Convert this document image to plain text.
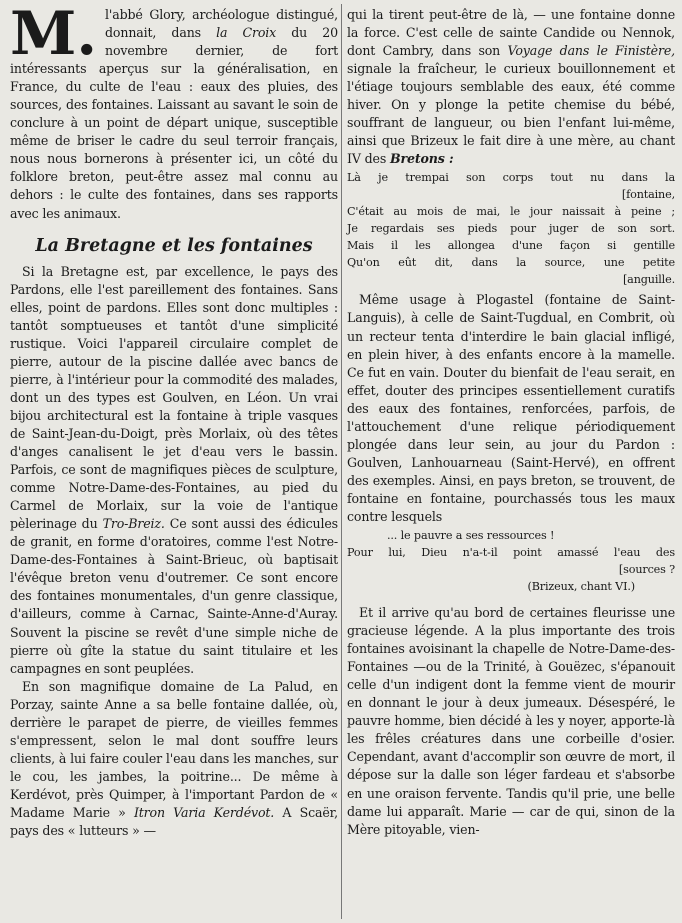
M. l'abbé Glory, archéologue distingué, donnait, dans la Croix du 20 novembre dernier, de fort intéressants aperçus sur la généralisation, en France, du culte de l'eau : eaux des pluies, des sources, des fontaines. Laissant au savant le soin de conclure à un point de départ unique, susceptible même de briser le cadre du seul terroir français, nous nous bornerons à présenter ici, un côté du folklore breton, peut-être assez mal connu au dehors : le culte des fontaines, dans ses rapports avec les animaux.

La Bretagne et les fontaines

Si la Bretagne est, par excellence, le pays des Pardons, elle l'est pareillement des fontaines. Sans elles, point de pardons. Elles sont donc multiples : tantôt somptueuses et tantôt d'une simplicité rustique. Voici l'appareil circulaire complet de pierre, autour de la piscine dallée avec bancs de pierre, à l'intérieur pour la commodité des malades, dont un des types est Goulven, en Léon. Un vrai bijou architectural est la fontaine à triple vasques de Saint-Jean-du-Doigt, près Morlaix, où des têtes d'anges canalisent le jet d'eau vers le bassin. Parfois, ce sont de magnifiques pièces de sculpture, comme Notre-Dame-des-Fontaines, au pied du Carmel de Morlaix, sur la voie de l'antique pèlerinage du Tro-Breiz. Ce sont aussi des édicules de granit, en forme d'oratoires, comme l'est Notre-Dame-des-Fontaines à Saint-Brieuc, où baptisait l'évêque breton venu d'outremer. Ce sont encore des fontaines monumentales, d'un genre classique, d'ailleurs, comme à Carnac, Sainte-Anne-d'Auray. Souvent la piscine se revêt d'une simple niche de pierre où gîte la statue du saint titulaire et les campagnes en sont peuplées.

En son magnifique domaine de La Palud, en Porzay, sainte Anne a sa belle fontaine dallée, où, derrière le parapet de pierre, de vieilles femmes s'empressent, selon le mal dont souffre leurs clients, à lui faire couler l'eau dans les manches, sur le cou, les jambes, la poitrine... De même à Kerdévot, près Quimper, à l'important Pardon de « Madame Marie » Itron Varia Kerdévot. A Scaër, pays des « lutteurs » —

qui la tirent peut-être de là, — une fontaine donne la force. C'est celle de sainte Candide ou Nennok, dont Cambry, dans son Voyage dans le Finistère, signale la fraîcheur, le curieux bouillonnement et l'étiage toujours semblable des eaux, été comme hiver. On y plonge la petite chemise du bébé, souffrant de langueur, ou bien l'enfant lui-même, ainsi que Brizeux le fait dire à une mère, au chant IV des Bretons :

Là je trempai son corps tout nu dans la
[fontaine,
C'était au mois de mai, le jour naissait à peine ;
Je regardais ses pieds pour juger de son sort.
Mais il les allongea d'une façon si gentille
Qu'on eût dit, dans la source, une petite
[anguille.

Même usage à Plogastel (fontaine de Saint-Languis), à celle de Saint-Tugdual, en Combrit, où un recteur tenta d'interdire le bain glacial infligé, en plein hiver, à des enfants encore à la mamelle. Ce fut en vain. Douter du bienfait de l'eau serait, en effet, douter des principes essentiellement curatifs des eaux des fontaines, renforcées, parfois, de l'attouchement d'une relique périodiquement plongée dans leur sein, au jour du Pardon : Goulven, Lanhouarneau (Saint-Hervé), en offrent des exemples. Ainsi, en pays breton, se trouvent, de fontaine en fontaine, pourchassés tous les maux contre lesquels

... le pauvre a ses ressources !
Pour lui, Dieu n'a-t-il point amassé l'eau des
[sources ?
(Brizeux, chant VI.)

Et il arrive qu'au bord de certaines fleurisse une gracieuse légende. A la plus importante des trois fontaines avoisinant la chapelle de Notre-Dame-des-Fontaines —ou de la Trinité, à Gouëzec, s'épanouit celle d'un indigent dont la femme vient de mourir en donnant le jour à deux jumeaux. Désespéré, le pauvre homme, bien décidé à les y noyer, apporte-là les frêles créatures dans une corbeille d'osier. Cependant, avant d'accomplir son œuvre de mort, il dépose sur la dalle son léger fardeau et s'absorbe en une oraison fervente. Tandis qu'il prie, une belle dame lui apparaît. Marie — car de qui, sinon de la Mère pitoyable, vien-
